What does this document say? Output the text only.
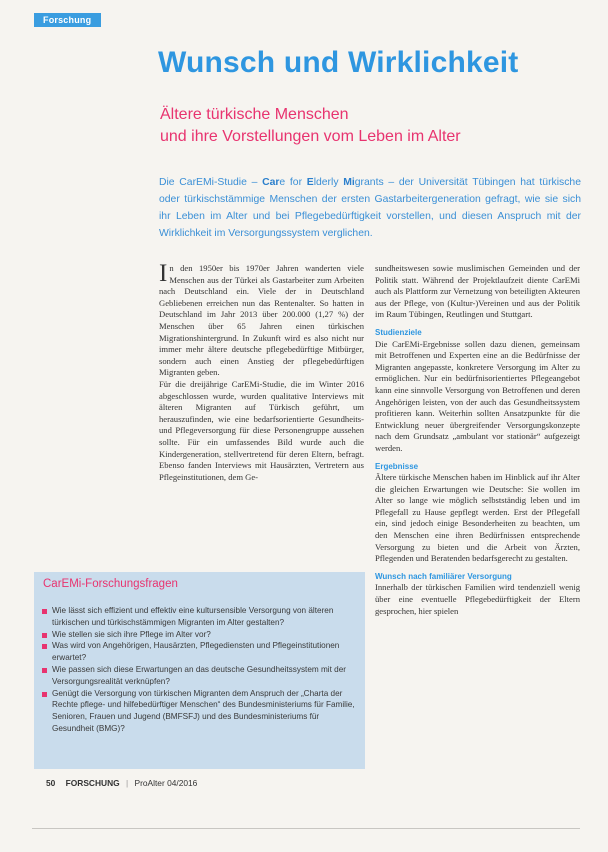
Forschung
Wunsch und Wirklichkeit
Ältere türkische Menschen
und ihre Vorstellungen vom Leben im Alter
Die CarEMi-Studie – Care for Elderly Migrants – der Universität Tübingen hat türkische oder türkischstämmige Menschen der ersten Gastarbeitergeneration gefragt, wie sie sich ihr Leben im Alter und bei Pflegebedürftigkeit vorstellen, und diesen Anspruch mit der Wirklichkeit im Versorgungssystem verglichen.

In den 1950er bis 1970er Jahren wanderten viele Menschen aus der Türkei als Gastarbeiter zum Arbeiten nach Deutschland ein. Viele der in Deutschland Gebliebenen erreichen nun das Rentenalter. So hatten in Deutschland im Jahr 2013 über 200.000 (1,27 %) der Menschen über 65 Jahren einen türkischen Migrationshintergrund. In Zukunft wird es also nicht nur immer mehr ältere deutsche pflegebedürftige Mitbürger, sondern auch einen Anstieg der pflegebedürftigen Migranten geben.

Für die dreijährige CarEMi-Studie, die im Winter 2016 abgeschlossen wurde, wurden qualitative Interviews mit älteren Migranten auf Türkisch geführt, um herauszufinden, wie eine bedarfsorientierte Gesundheits- und Pflegeversorgung für diese Personengruppe aussehen sollte. Für ein umfassendes Bild wurde auch die Kindergeneration, stellvertretend für deren Eltern, befragt. Ebenso fanden Interviews mit Hausärzten, Vertretern aus Pflegeinstitutionen, dem Ge-

sundheitswesen sowie muslimischen Gemeinden und der Politik statt. Während der Projektlaufzeit diente CarEMi auch als Plattform zur Vernetzung von beteiligten Akteuren aus der Pflege, von (Kultur-)Vereinen und aus der Politik im Raum Tübingen, Reutlingen und Stuttgart.

Studienziele

Die CarEMi-Ergebnisse sollen dazu dienen, gemeinsam mit Betroffenen und Experten eine an die Bedürfnisse der Migranten angepasste, konkretere Versorgung im Alter zu ermöglichen. Nur ein bedürfnisorientiertes Pflegeangebot kann eine sinnvolle Versorgung von Betroffenen und deren Angehörigen leisten, von der auch das Gesundheitssystem profitieren kann. Weiterhin sollten Ansatzpunkte für die Entwicklung neuer übergreifender Versorgungskonzepte nach dem Grundsatz „ambulant vor stationär“ aufgezeigt werden.

Ergebnisse

Ältere türkische Menschen haben im Hinblick auf ihr Alter die gleichen Erwartungen wie Deutsche: Sie wollen im Alter so lange wie möglich selbstständig leben und im Pflegefall zu Hause gepflegt werden. Erst der Pflegefall ein, sind jedoch einige Besonderheiten zu beachten, um den Menschen eine ihren Bedürfnissen entsprechende Versorgung zu bieten und die Arbeit von Ärzten, Pflegenden und Beratenden bedarfsgerecht zu gestalten.

Wunsch nach familiärer Versorgung

Innerhalb der türkischen Familien wird tendenziell wenig über eine eventuelle Pflegebedürftigkeit der Eltern gesprochen, hier spielen

CarEMi-Forschungsfragen
Wie lässt sich effizient und effektiv eine kultursensible Versorgung von älteren türkischen und türkischstämmigen Migranten im Alter gestalten?
Wie stellen sie sich ihre Pflege im Alter vor?
Was wird von Angehörigen, Hausärzten, Pflegediensten und Pflegeinstitutionen erwartet?
Wie passen sich diese Erwartungen an das deutsche Gesundheitssystem mit der Versorgungsrealität verknüpfen?
Genügt die Versorgung von türkischen Migranten dem Anspruch der „Charta der Rechte pflege- und hilfebedürftiger Menschen“ des Bundesministeriums für Familie, Senioren, Frauen und Jugend (BMFSFJ) und des Bundesministeriums für Gesundheit (BMG)?
50 FORSCHUNG | ProAlter 04/2016
